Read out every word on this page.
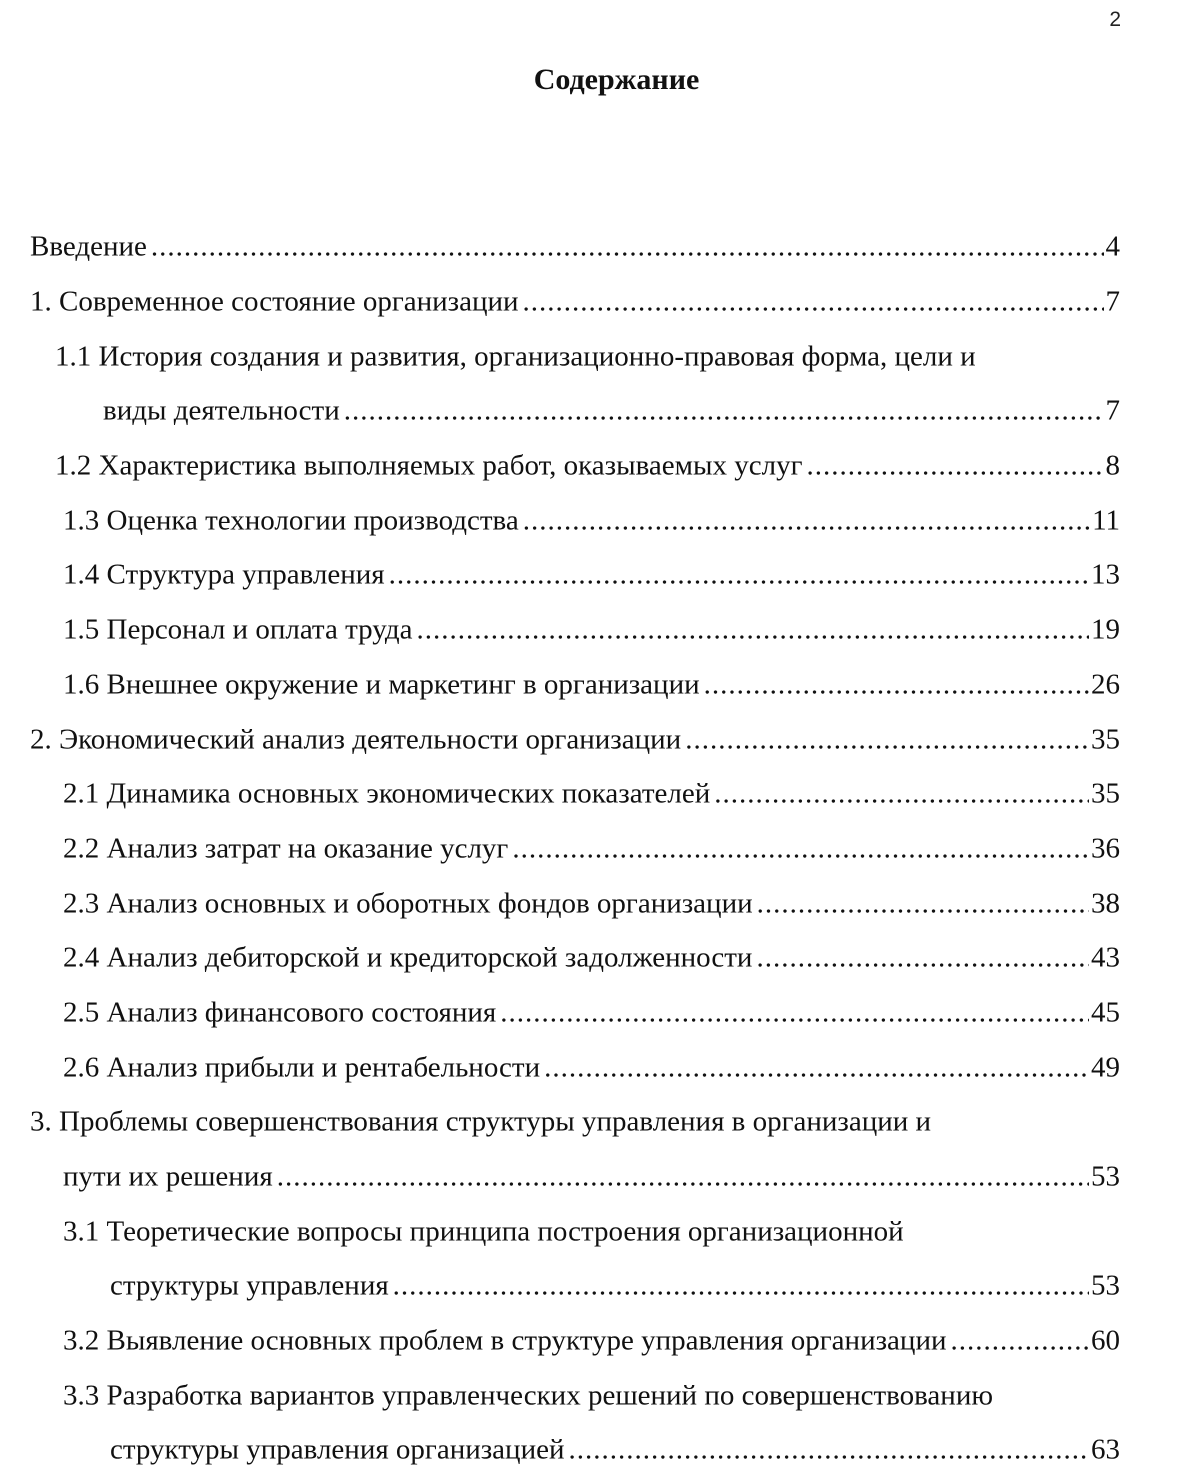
2
Содержание
Введение .....	4
1. Современное состояние организации .....	7
1.1 История создания и развития, организационно-правовая форма, цели и
виды деятельности .....	7
1.2 Характеристика выполняемых работ, оказываемых услуг .....	8
1.3 Оценка технологии производства .....	11
1.4 Структура управления .....	13
1.5 Персонал и оплата труда .....	19
1.6 Внешнее окружение и маркетинг в организации .....	26
2. Экономический анализ деятельности организации .....	35
2.1 Динамика основных экономических показателей .....	35
2.2 Анализ затрат на оказание услуг .....	36
2.3 Анализ основных и оборотных фондов организации .....	38
2.4 Анализ дебиторской и кредиторской задолженности .....	43
2.5 Анализ финансового состояния .....	45
2.6 Анализ прибыли и рентабельности .....	49
3. Проблемы совершенствования структуры управления в организации и
пути их решения .....	53
3.1 Теоретические вопросы принципа построения организационной
структуры управления .....	53
3.2 Выявление основных проблем в структуре управления организации .....	60
3.3 Разработка вариантов управленческих решений по совершенствованию
структуры управления организацией .....	63
